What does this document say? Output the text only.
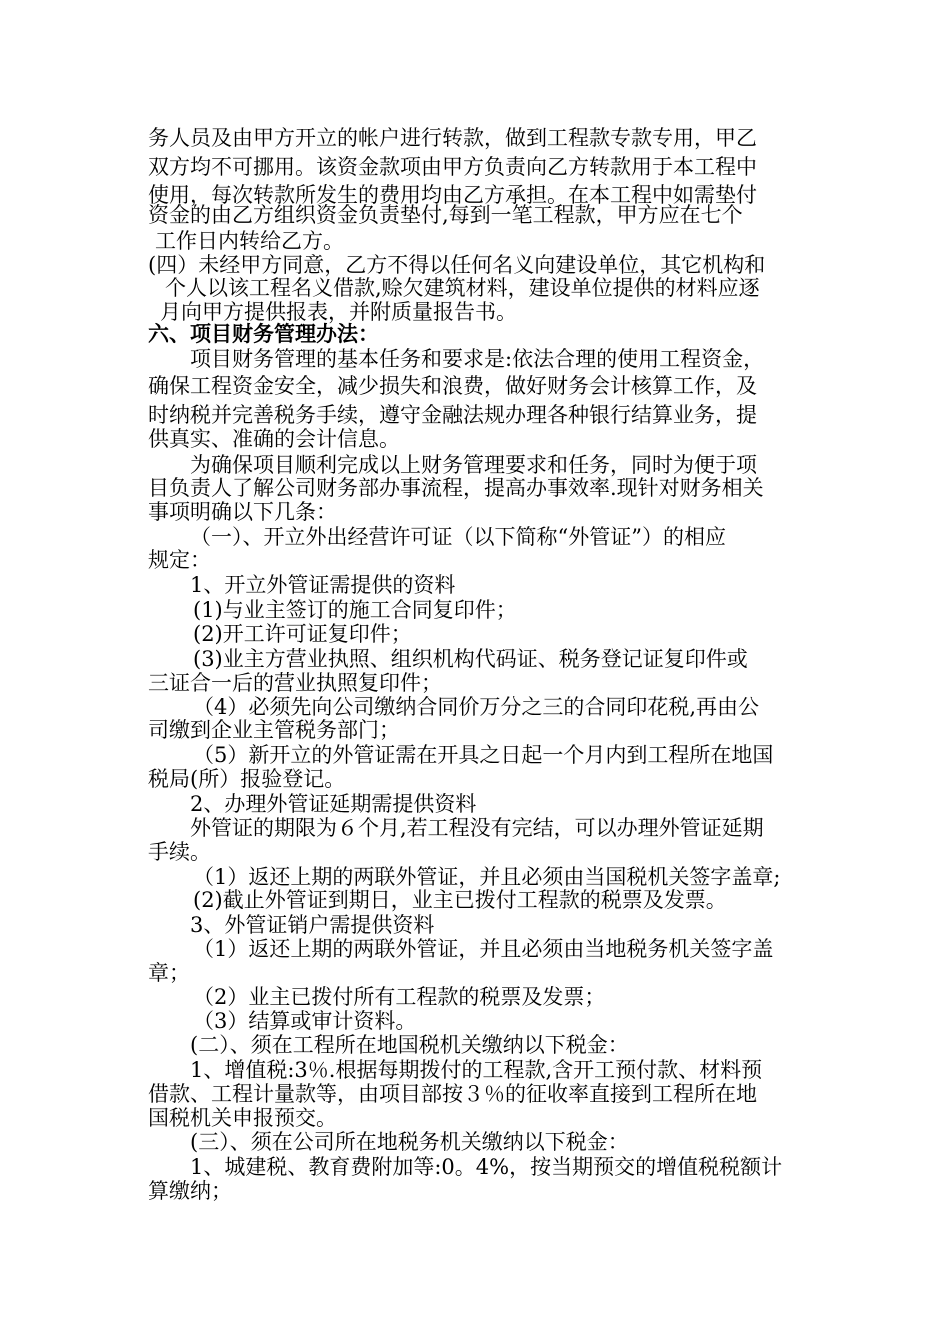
务人员及由甲方开立的帐户进行转款，做到工程款专款专用，甲乙
双方均不可挪用。该资金款项由甲方负责向乙方转款用于本工程中
使用，每次转款所发生的费用均由乙方承担。在本工程中如需垫付
资金的由乙方组织资金负责垫付,每到一笔工程款，甲方应在七个
工作日内转给乙方。
(四）未经甲方同意，乙方不得以任何名义向建设单位，其它机构和
个人以该工程名义借款,赊欠建筑材料，建设单位提供的材料应逐
月向甲方提供报表，并附质量报告书。
六、项目财务管理办法：
项目财务管理的基本任务和要求是:依法合理的使用工程资金，
确保工程资金安全，减少损失和浪费，做好财务会计核算工作，及
时纳税并完善税务手续，遵守金融法规办理各种银行结算业务，提
供真实、准确的会计信息。
为确保项目顺利完成以上财务管理要求和任务，同时为便于项
目负责人了解公司财务部办事流程，提高办事效率.现针对财务相关
事项明确以下几条：
（一）、开立外出经营许可证（以下简称“外管证”）的相应
规定：
1、开立外管证需提供的资料
(1)与业主签订的施工合同复印件；
(2)开工许可证复印件；
(3)业主方营业执照、组织机构代码证、税务登记证复印件或
三证合一后的营业执照复印件；
（4）必须先向公司缴纳合同价万分之三的合同印花税,再由公
司缴到企业主管税务部门；
（5）新开立的外管证需在开具之日起一个月内到工程所在地国
税局(所）报验登记。
2、办理外管证延期需提供资料
外管证的期限为６个月,若工程没有完结，可以办理外管证延期
手续。
（1）返还上期的两联外管证，并且必须由当国税机关签字盖章;
(2)截止外管证到期日，业主已拨付工程款的税票及发票。
3、外管证销户需提供资料
（1）返还上期的两联外管证，并且必须由当地税务机关签字盖
章；
（2）业主已拨付所有工程款的税票及发票；
（3）结算或审计资料。
(二）、须在工程所在地国税机关缴纳以下税金：
1、增值税:3％.根据每期拨付的工程款,含开工预付款、材料预
借款、工程计量款等，由项目部按３％的征收率直接到工程所在地
国税机关申报预交。
(三）、须在公司所在地税务机关缴纳以下税金：
1、城建税、教育费附加等:0。4%，按当期预交的增值税税额计
算缴纳；
